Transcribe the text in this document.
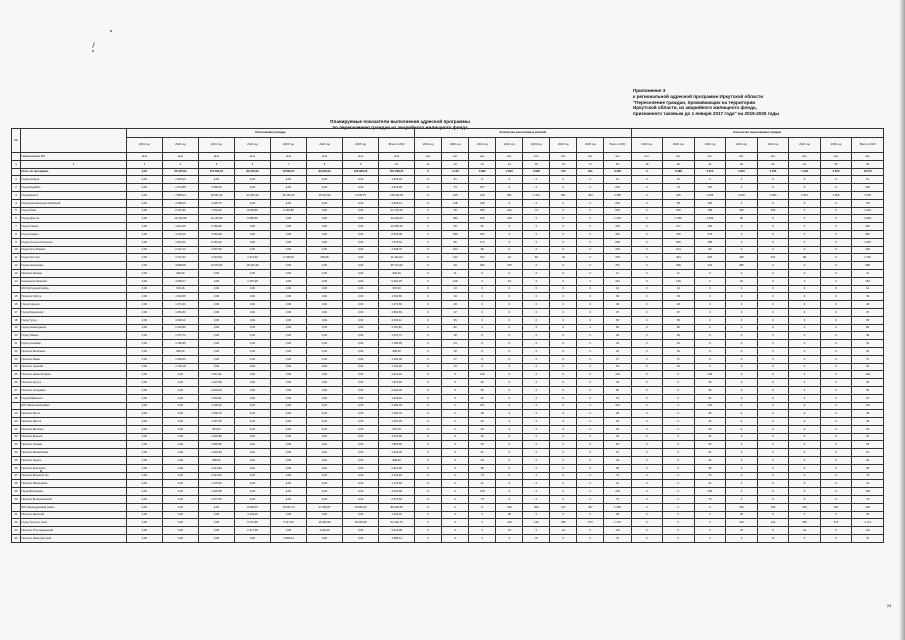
Приложение 3
к региональной адресной программе Иркутской области
"Переселение граждан, проживающих на территории
Иркутской области, из аварийного жилищного фонда,
признанного таковым до 1 января 2017 года" на 2019-2025 годы
Планируемые показатели выполнения адресной программы
по переселению граждан из аварийного жилищного фонда
№		Расселяемая площадь								Количество расселяемых жителей								Количество переселяемых граждан							
		2019 год	2020 год	2021 год	2022 год	2023 год	2024 год	2025 год	Всего по МО	2019 год	2020 год	2021 год	2022 год	2023 год	2024 год	2025 год	Всего по МО	2019 год	2020 год	2021 год	2022 год	2023 год	2024 год	2025 год	Всего по МО
	Наименование МО	кв.м	кв.м	кв.м	кв.м	кв.м	кв.м	кв.м	кв.м	чел.	чел.	чел.	чел.	чел.	чел.	чел.	чел.	чел.	чел.	чел.	чел.	чел.	чел.	чел.	чел.
1	2	3	4	5	6	7	8	9	10	11	12	13	14	15	16	17	18	19	20	21	22	23	24	25	26
	Итого по программе	0,00	65 165,93	115 362,54	89 316,90	79 839,27	83 646,93	123 966,79	557 298,37	0	4 179	3 862	2 694	2 680	575	941	9 463	0	3 388	2 974	2 840	3 356	1 648	2 879	18 574
1	Город Ангарск	0,00	1 503,20	0,00	0,00	0,00	0,00	0,00	1 503,20	0	51	0	0	0	0	0	51	0	51	0	0	0	0	0	51
2	Город Бодайбо	0,00	1 272,85	3 250,43	0,00	0,00	0,00	0,00	4 523,28	0	73	157	0	0	0	0	230	0	73	157	0	0	0	0	230
3	Город Братск	0,00	7 896,24	18 331,32	24 253,32	46 181,03	15 612,99	6 036,75	118 311,65	0	245	413	651	1 161	561	364	3 395	0	245	1 605	2 015	2 950	1 870	1 695	7 025
4	Город Железногорск-Илимский	0,00	1 098,46	2 429,75	0,00	0,00	0,00	0,00	3 528,21	0	118	118	0	0	0	0	236	0	58	118	0	0	0	0	176
5	Город Зима	0,00	2 415,90	7 544,03	8 096,80	3 418,80	0,00	0,00	21 475,53	0	49	189	224	73	0	0	535	0	150	189	150	330	0	0	1 031
6	Город Иркутск	0,00	12 700,58	11 145,90	6 589,56	0,00	0,00	0,00	30 436,04	0	384	615	216	0	0	0	1 215	0	1 060	2 800	99	0	0	0	3 959
7	Город Саянск	0,00	4 911,55	5 153,60	0,00	0,00	0,00	0,00	10 065,15	0	69	81	0	0	0	0	150	0	217	125	0	0	0	0	342
8	Город Свирск	0,00	4 475,00	4 054,08	0,00	0,00	0,00	0,00	8 529,08	0	186	156	0	0	0	0	342	0	476	476	0	0	0	0	952
9	Город Усолье-Сибирское	0,00	1 564,52	6 415,02	0,00	0,00	0,00	0,00	7 979,54	0	86	172	0	0	0	0	258	0	629	458	0	0	0	0	1 087
10	Город Усть-Илимск	0,00	2 131,10	2 507,66	0,00	0,00	0,00	0,00	4 638,76	0	104	80	0	0	0	0	184	0	104	80	0	0	0	0	184
11	Город Усть-Кут	0,00	3 741,33	3 110,09	1 271,60	2 728,06	339,95	0,00	11 191,03	0	123	137	34	66	18	0	378	0	404	520	428	331	98	0	1 781
12	Город Черемхово	0,00	3 899,08	13 372,06	18 443,49	0,00	0,00	0,00	35 714,63	0	93	283	375	0	0	0	751	0	368	341	280	0	0	0	989
13	Поселок Залари	0,00	630,30	0,00	0,00	0,00	0,00	0,00	630,30	0	11	0	0	0	0	0	11	0	11	0	0	0	0	0	11
14	Казачинско-Ленский	0,00	4 065,07	0,00	1 257,28	0,00	0,00	0,00	5 322,35	0	128	0	23	0	0	0	151	0	128	0	23	0	0	0	151
	МО Куйтунский район	0,00	615,26	0,00	0,00	0,00	0,00	0,00	615,26	0	13	0	0	0	0	0	13	0	13	0	0	0	0	0	13
15	Поселок Куйтун	0,00	1 534,55	0,00	0,00	0,00	0,00	0,00	1 534,55	0	39	0	0	0	0	0	39	0	39	0	0	0	0	0	39
16	Город Киренск	0,00	1 271,69	0,00	0,00	0,00	0,00	0,00	1 271,69	0	48	0	0	0	0	0	48	0	48	0	0	0	0	0	48
17	Город Бирюсинск	0,00	1 081,83	0,00	0,00	0,00	0,00	0,00	1 081,83	0	37	0	0	0	0	0	37	0	37	0	0	0	0	0	37
18	Город Тулун	0,00	3 006,11	0,00	0,00	0,00	0,00	0,00	3 006,11	0	95	0	0	0	0	0	95	0	95	0	0	0	0	0	95
19	Город Нижнеудинск	0,00	2 116,80	0,00	0,00	0,00	0,00	0,00	2 116,80	0	82	0	0	0	0	0	82	0	82	0	0	0	0	0	82
20	Город Тайшет	0,00	1 470,72	0,00	0,00	0,00	0,00	0,00	1 470,72	0	48	0	0	0	0	0	48	0	48	0	0	0	0	0	48
21	Город Алзамай	0,00	1 150,95	0,00	0,00	0,00	0,00	0,00	1 150,95	0	44	0	0	0	0	0	44	0	44	0	0	0	0	0	44
22	Поселок Балаганск	0,00	906,20	0,00	0,00	0,00	0,00	0,00	906,20	0	30	0	0	0	0	0	30	0	30	0	0	0	0	0	30
23	Поселок Мама	0,00	1 340,00	0,00	0,00	0,00	0,00	0,00	1 340,00	0	37	0	0	0	0	0	37	0	37	0	0	0	0	0	37
24	Поселок Чунский	0,00	1 702,18	0,00	0,00	0,00	0,00	0,00	1 702,18	0	54	0	0	0	0	0	54	0	54	0	0	0	0	0	54
25	Поселок Новая Игирма	0,00	0,00	4 512,91	0,00	0,00	0,00	0,00	4 512,91	0	0	149	0	0	0	0	149	0	0	149	0	0	0	0	149
26	Поселок Култук	0,00	0,00	1 315,56	0,00	0,00	0,00	0,00	1 315,56	0	0	46	0	0	0	0	46	0	0	46	0	0	0	0	46
27	Поселок Слюдянка	0,00	0,00	2 034,00	0,00	0,00	0,00	0,00	2 034,00	0	0	55	0	0	0	0	55	0	0	55	0	0	0	0	55
28	Город Байкальск	0,00	0,00	1 843,91	0,00	0,00	0,00	0,00	1 843,91	0	0	61	0	0	0	0	61	0	0	61	0	0	0	0	61
	МО Тайшетский район	0,00	0,00	3 196,20	0,00	0,00	0,00	0,00	3 196,20	0	0	101	0	0	0	0	101	0	0	101	0	0	0	0	101
29	Поселок Юрты	0,00	0,00	1 256,70	0,00	0,00	0,00	0,00	1 256,70	0	0	38	0	0	0	0	38	0	0	38	0	0	0	0	38
30	Поселок Квиток	0,00	0,00	1 487,35	0,00	0,00	0,00	0,00	1 487,35	0	0	45	0	0	0	0	45	0	0	45	0	0	0	0	45
31	Поселок Шиткино	0,00	0,00	951,03	0,00	0,00	0,00	0,00	951,03	0	0	29	0	0	0	0	29	0	0	29	0	0	0	0	29
32	Поселок Бирюса	0,00	0,00	1 022,69	0,00	0,00	0,00	0,00	1 022,69	0	0	32	0	0	0	0	32	0	0	32	0	0	0	0	32
33	Поселок Тельма	0,00	0,00	1 804,55	0,00	0,00	0,00	0,00	1 804,55	0	0	53	0	0	0	0	53	0	0	53	0	0	0	0	53
34	Поселок Михайловка	0,00	0,00	1 623,30	0,00	0,00	0,00	0,00	1 623,30	0	0	51	0	0	0	0	51	0	0	51	0	0	0	0	51
35	Поселок Тыреть	0,00	0,00	998,40	0,00	0,00	0,00	0,00	998,40	0	0	34	0	0	0	0	34	0	0	34	0	0	0	0	34
36	Поселок Кропоткин	0,00	0,00	2 214,90	0,00	0,00	0,00	0,00	2 214,90	0	0	68	0	0	0	0	68	0	0	68	0	0	0	0	68
37	Поселок Большой Луг	0,00	0,00	2 113,00	0,00	0,00	0,00	0,00	2 113,00	0	0	73	0	0	0	0	73	0	0	73	0	0	0	0	73
38	Поселок Мишелевка	0,00	0,00	1 176,60	0,00	0,00	0,00	0,00	1 176,60	0	0	41	0	0	0	0	41	0	0	41	0	0	0	0	41
39	Город Вихоревка	0,00	0,00	4 003,58	0,00	0,00	0,00	0,00	4 003,58	0	0	125	0	0	0	0	125	0	0	125	0	0	0	0	125
40	Поселок Белореченский	0,00	0,00	2 672,50	0,00	0,00	0,00	0,00	2 672,50	0	0	79	0	0	0	0	79	0	0	79	0	0	0	0	79
	МО Нижнеудинский район	0,00	0,00	0,00	8 096,45	10 310,73	27 069,87	43 862,50	89 339,55	0	0	0	329	300	317	407	1 353	0	0	0	100	100	100	100	400
41	Поселок Шумский	0,00	0,00	0,00	1 203,40	0,00	0,00	0,00	1 203,40	0	0	0	38	0	0	0	38	0	0	0	38	0	0	0	38
42	Город Тулун (II этап)	0,00	0,00	0,00	5 047,85	5 117,26	15 460,96	26 003,68	51 629,75	0	0	0	120	123	358	573	1 174	0	0	0	120	123	358	573	1 174
43	Поселок Усть-Ордынский	0,00	0,00	0,00	2 417,68	0,00	1 094,40	0,00	3 512,08	0	0	0	79	0	34	0	113	0	0	0	79	0	34	0	113
44	Поселок Новонукутский	0,00	0,00	0,00	0,00	1 985,44	0,00	0,00	1 985,44	0	0	0	0	70	0	0	70	0	0	0	0	70	0	0	70
24
